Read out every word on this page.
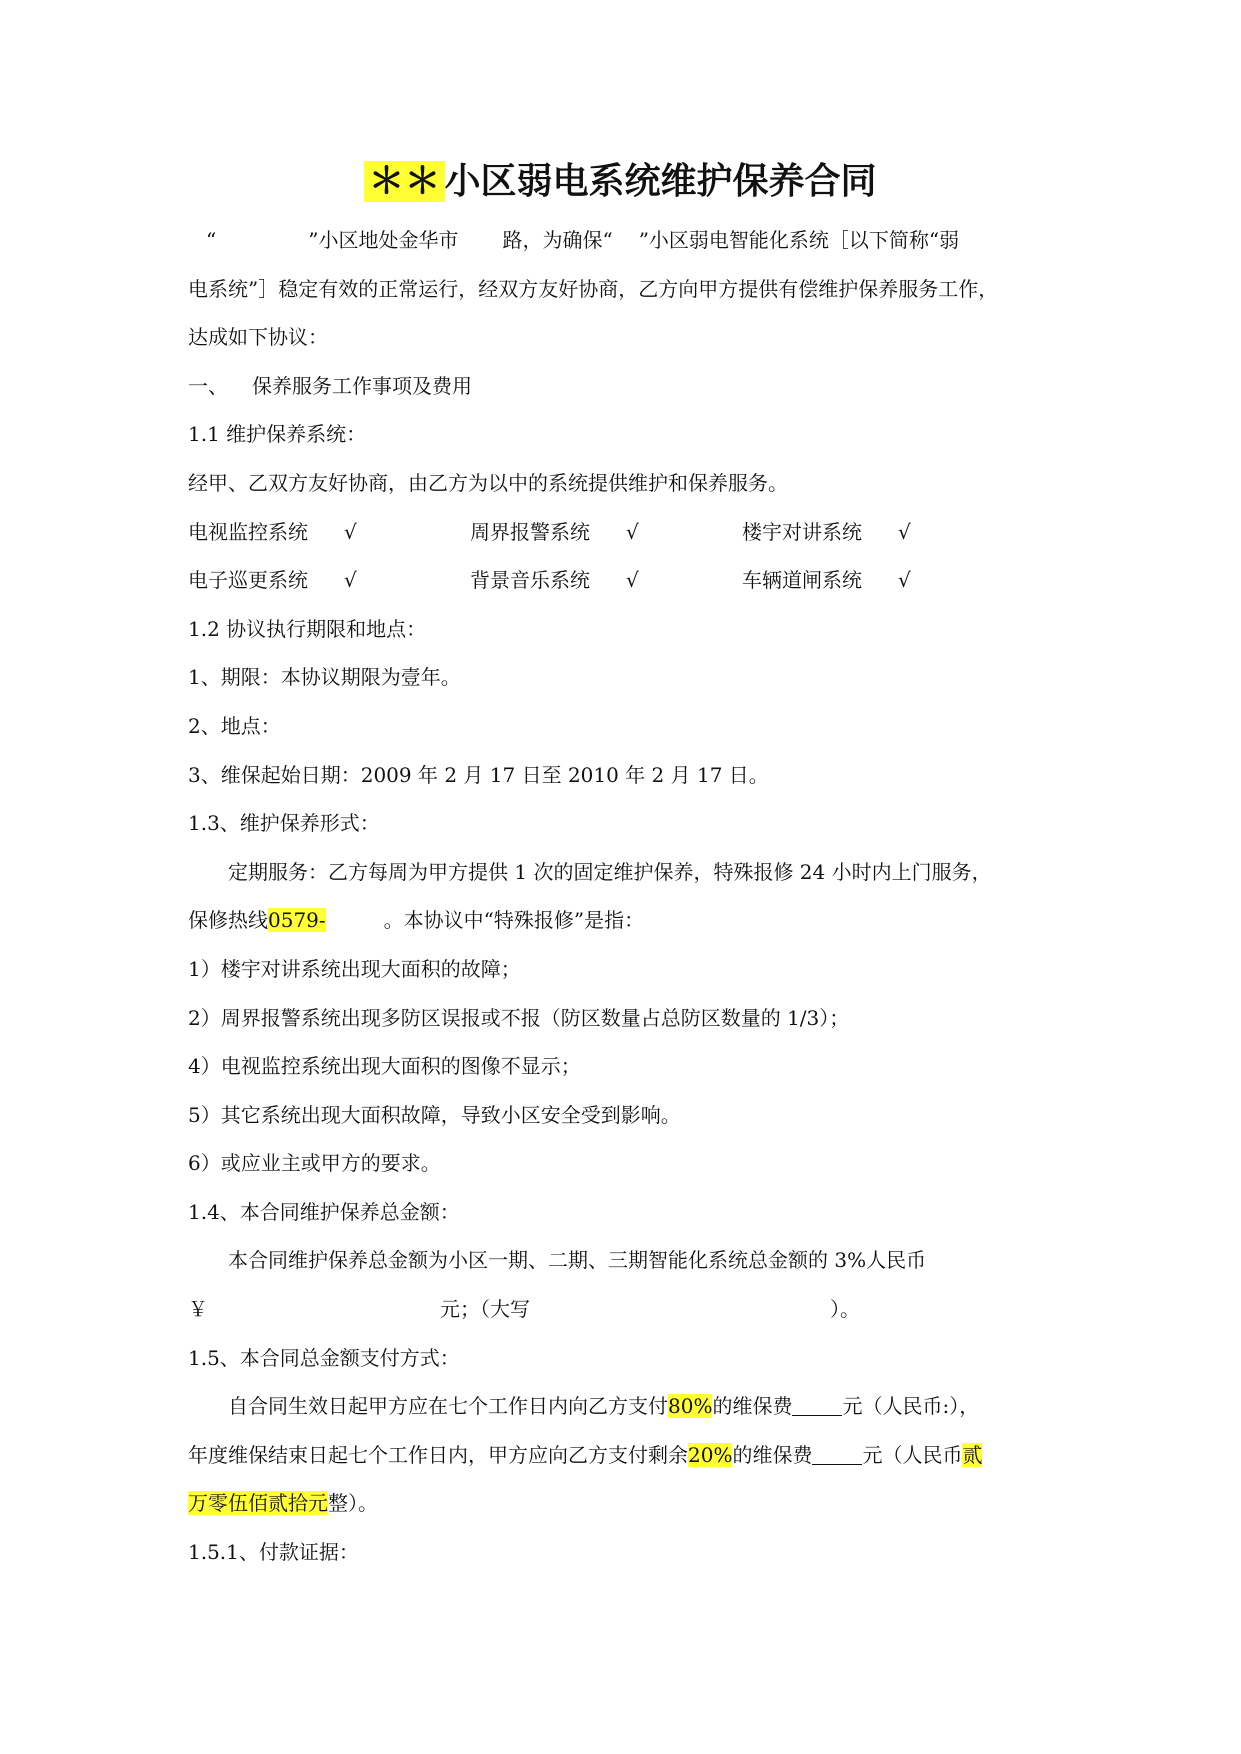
＊＊ 小区弱电系统维护保养合同
“	”小区地处金华市 路，为确保“ ”小区弱电智能化系统［以下简称“弱
电系统”］稳定有效的正常运行，经双方友好协商，乙方向甲方提供有偿维护保养服务工作，
达成如下协议：
一、 保养服务工作事项及费用
1.1 维护保养系统：
经甲、乙双方友好协商，由乙方为以中的系统提供维护和保养服务。
电视监控系统 √	周界报警系统 √	楼宇对讲系统 √
电子巡更系统 √	背景音乐系统 √	车辆道闸系统 √
1.2 协议执行期限和地点：
1、期限：本协议期限为壹年。
2、地点：
3、维保起始日期：2009 年 2 月 17 日至 2010 年 2 月 17 日。
1.3、维护保养形式：
定期服务：乙方每周为甲方提供 1 次的固定维护保养，特殊报修 24 小时内上门服务，
保修热线0579-	。本协议中“特殊报修”是指：
1）楼宇对讲系统出现大面积的故障；
2）周界报警系统出现多防区误报或不报（防区数量占总防区数量的 1/3）；
4）电视监控系统出现大面积的图像不显示；
5）其它系统出现大面积故障，导致小区安全受到影响。
6）或应业主或甲方的要求。
1.4、本合同维护保养总金额：
本合同维护保养总金额为小区一期、二期、三期智能化系统总金额的 3%人民币
￥	元；（大写	）。
1.5、本合同总金额支付方式：
自合同生效日起甲方应在七个工作日内向乙方支付80%的维保费	元（人民币:），
年度维保结束日起七个工作日内，甲方应向乙方支付剩余20%的维保费	元（人民币贰
万零伍佰贰拾元整）。
1.5.1、付款证据：
